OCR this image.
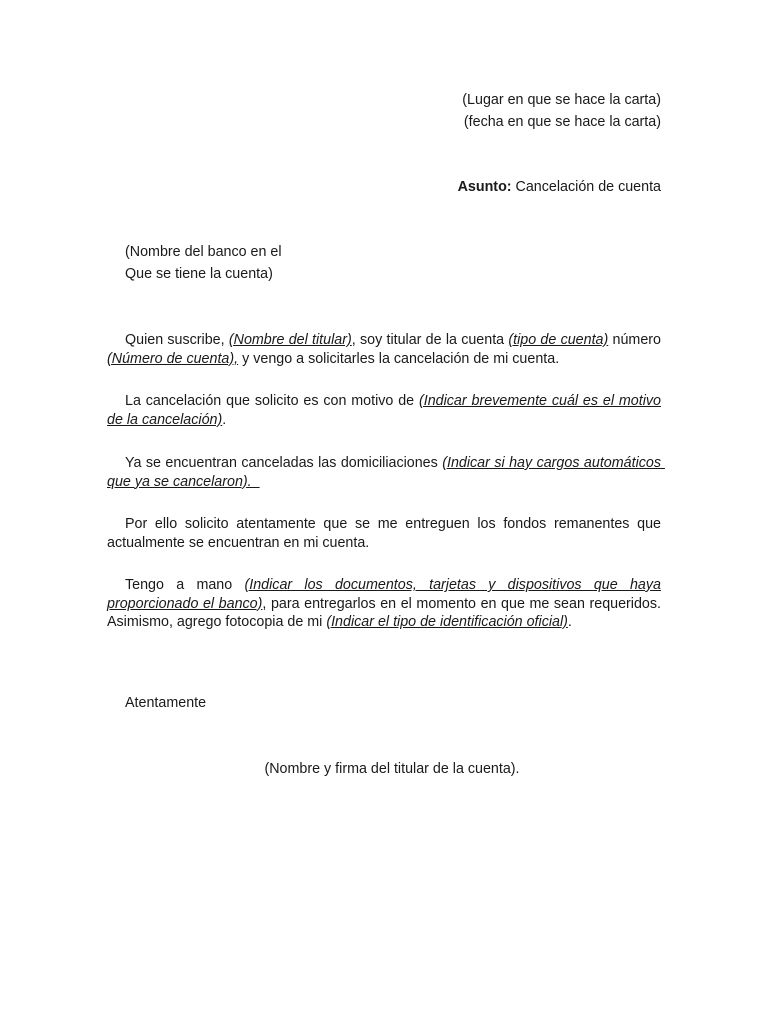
(Lugar en que se hace la carta)
(fecha en que se hace la carta)
Asunto: Cancelación de cuenta
(Nombre del banco en el
Que se tiene la cuenta)

Quien suscribe, (Nombre del titular), soy titular de la cuenta (tipo de cuenta) número (Número de cuenta), y vengo a solicitarles la cancelación de mi cuenta.

La cancelación que solicito es con motivo de (Indicar brevemente cuál es el motivo de la cancelación).

Ya se encuentran canceladas las domiciliaciones (Indicar si hay cargos automáticos que ya se cancelaron).

Por ello solicito atentamente que se me entreguen los fondos remanentes que actualmente se encuentran en mi cuenta.

Tengo a mano (Indicar los documentos, tarjetas y dispositivos que haya proporcionado el banco), para entregarlos en el momento en que me sean requeridos. Asimismo, agrego fotocopia de mi (Indicar el tipo de identificación oficial).

Atentamente
(Nombre y firma del titular de la cuenta).
